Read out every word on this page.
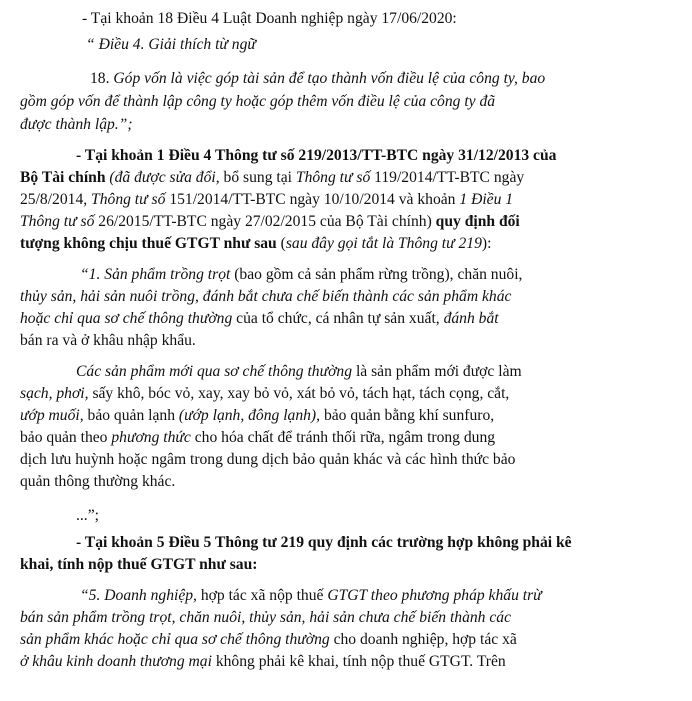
- Tại khoản 18 Điều 4 Luật Doanh nghiệp ngày 17/06/2020:
“ Điều 4. Giải thích từ ngữ
18. Góp vốn là việc góp tài sản để tạo thành vốn điều lệ của công ty, bao
gồm góp vốn để thành lập công ty hoặc góp thêm vốn điều lệ của công ty đã
được thành lập.”;
- Tại khoản 1 Điều 4 Thông tư số 219/2013/TT-BTC ngày 31/12/2013 của
Bộ Tài chính (đã được sửa đổi, bổ sung tại Thông tư số 119/2014/TT-BTC ngày
25/8/2014, Thông tư số 151/2014/TT-BTC ngày 10/10/2014 và khoản 1 Điều 1
Thông tư số 26/2015/TT-BTC ngày 27/02/2015 của Bộ Tài chính) quy định đối
tượng không chịu thuế GTGT như sau (sau đây gọi tắt là Thông tư 219):
“1. Sản phẩm trồng trọt (bao gồm cả sản phẩm rừng trồng), chăn nuôi,
thủy sản, hải sản nuôi trồng, đánh bắt chưa chế biến thành các sản phẩm khác
hoặc chỉ qua sơ chế thông thường của tổ chức, cá nhân tự sản xuất, đánh bắt
bán ra và ở khâu nhập khẩu.
Các sản phẩm mới qua sơ chế thông thường là sản phẩm mới được làm
sạch, phơi, sấy khô, bóc vỏ, xay, xay bỏ vỏ, xát bỏ vỏ, tách hạt, tách cọng, cắt,
ướp muối, bảo quản lạnh (ướp lạnh, đông lạnh), bảo quản bằng khí sunfuro,
bảo quản theo phương thức cho hóa chất để tránh thối rữa, ngâm trong dung
dịch lưu huỳnh hoặc ngâm trong dung dịch bảo quản khác và các hình thức bảo
quản thông thường khác.
...”;
- Tại khoản 5 Điều 5 Thông tư 219 quy định các trường hợp không phải kê
khai, tính nộp thuế GTGT như sau:
“5. Doanh nghiệp, hợp tác xã nộp thuế GTGT theo phương pháp khấu trừ
bán sản phẩm trồng trọt, chăn nuôi, thủy sản, hải sản chưa chế biến thành các
sản phẩm khác hoặc chỉ qua sơ chế thông thường cho doanh nghiệp, hợp tác xã
ở khâu kinh doanh thương mại không phải kê khai, tính nộp thuế GTGT. Trên
